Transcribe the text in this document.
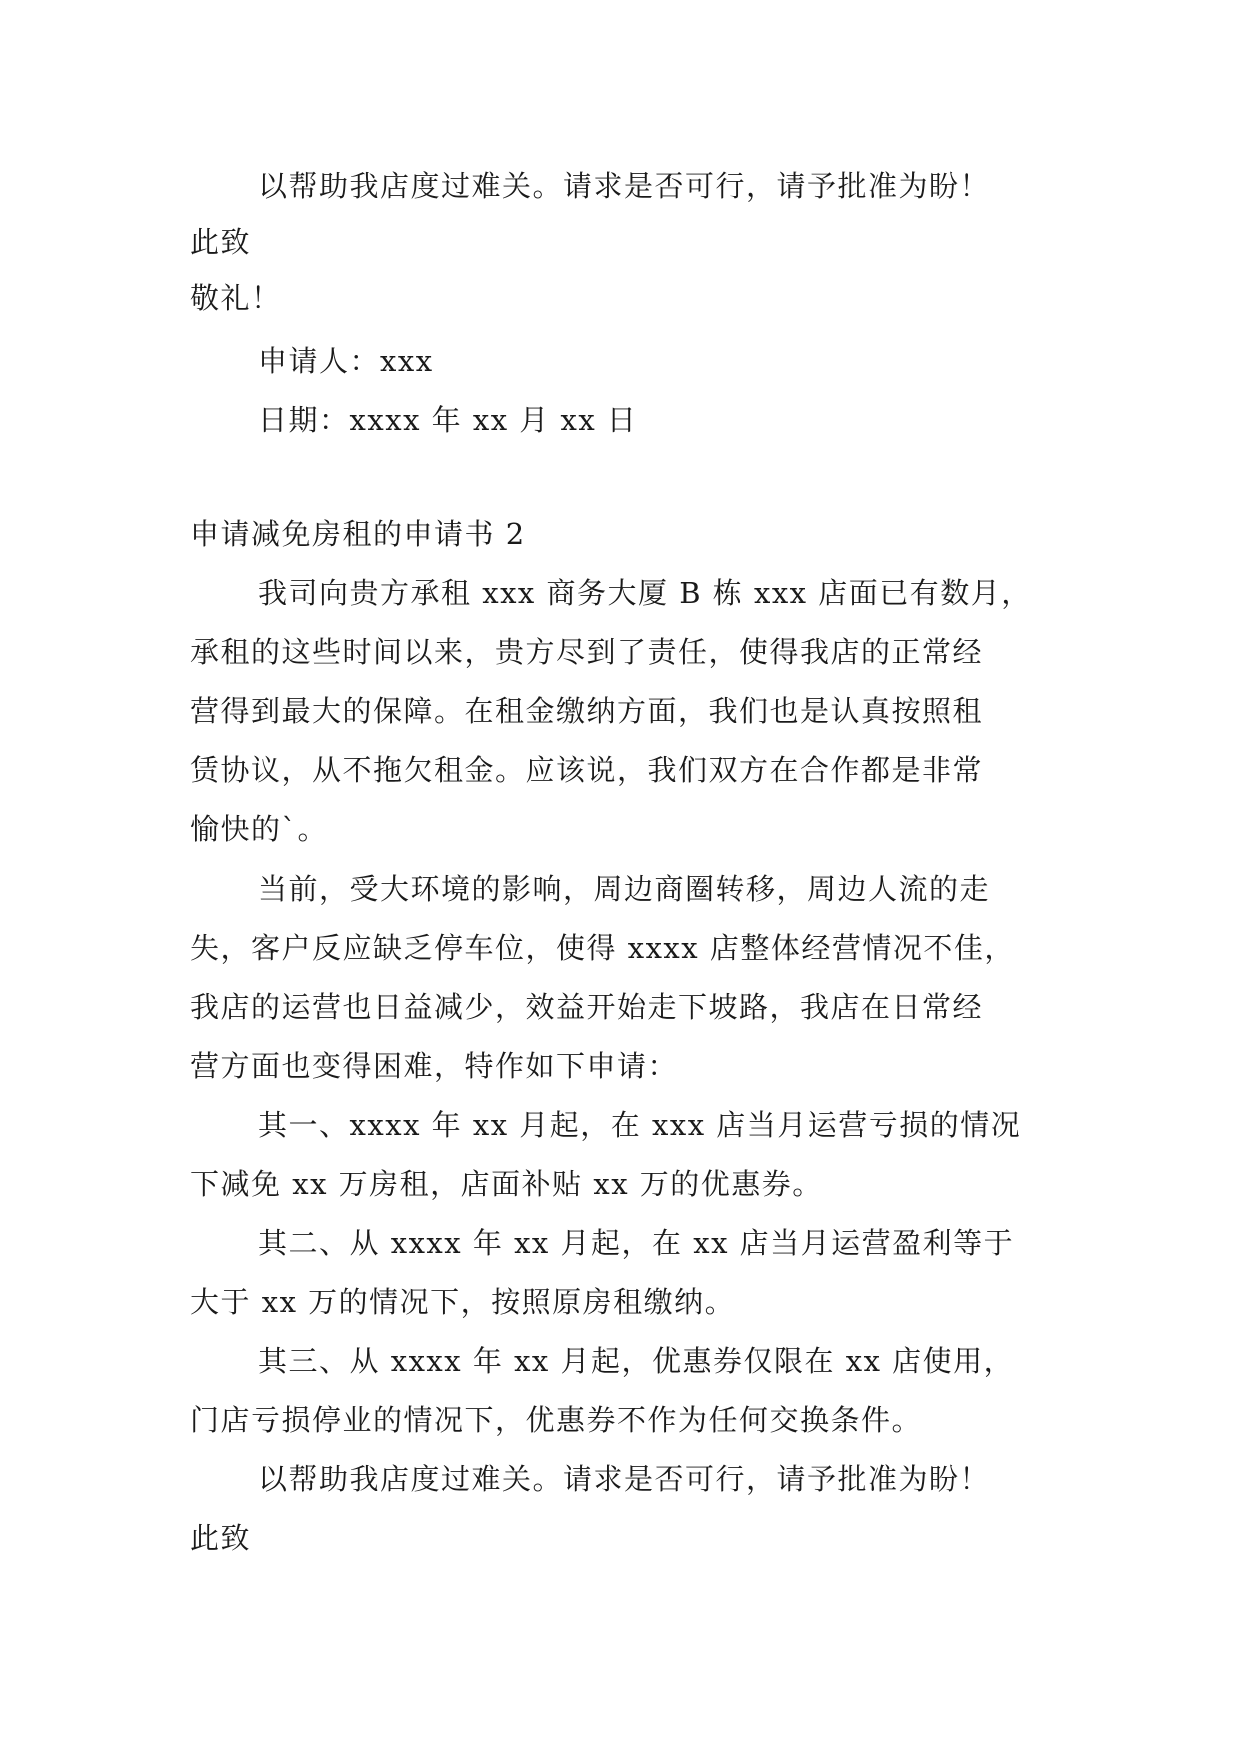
以帮助我店度过难关。请求是否可行，请予批准为盼！
此致
敬礼！
申请人：xxx
日期：xxxx 年 xx 月 xx 日
申请减免房租的申请书 2
我司向贵方承租 xxx 商务大厦 B 栋 xxx 店面已有数月，
承租的这些时间以来，贵方尽到了责任，使得我店的正常经
营得到最大的保障。在租金缴纳方面，我们也是认真按照租
赁协议，从不拖欠租金。应该说，我们双方在合作都是非常
愉快的`。
当前，受大环境的影响，周边商圈转移，周边人流的走
失，客户反应缺乏停车位，使得 xxxx 店整体经营情况不佳，
我店的运营也日益减少，效益开始走下坡路，我店在日常经
营方面也变得困难，特作如下申请：
其一、xxxx 年 xx 月起，在 xxx 店当月运营亏损的情况
下减免 xx 万房租，店面补贴 xx 万的优惠券。
其二、从 xxxx 年 xx 月起，在 xx 店当月运营盈利等于
大于 xx 万的情况下，按照原房租缴纳。
其三、从 xxxx 年 xx 月起，优惠券仅限在 xx 店使用，
门店亏损停业的情况下，优惠券不作为任何交换条件。
以帮助我店度过难关。请求是否可行，请予批准为盼！
此致
